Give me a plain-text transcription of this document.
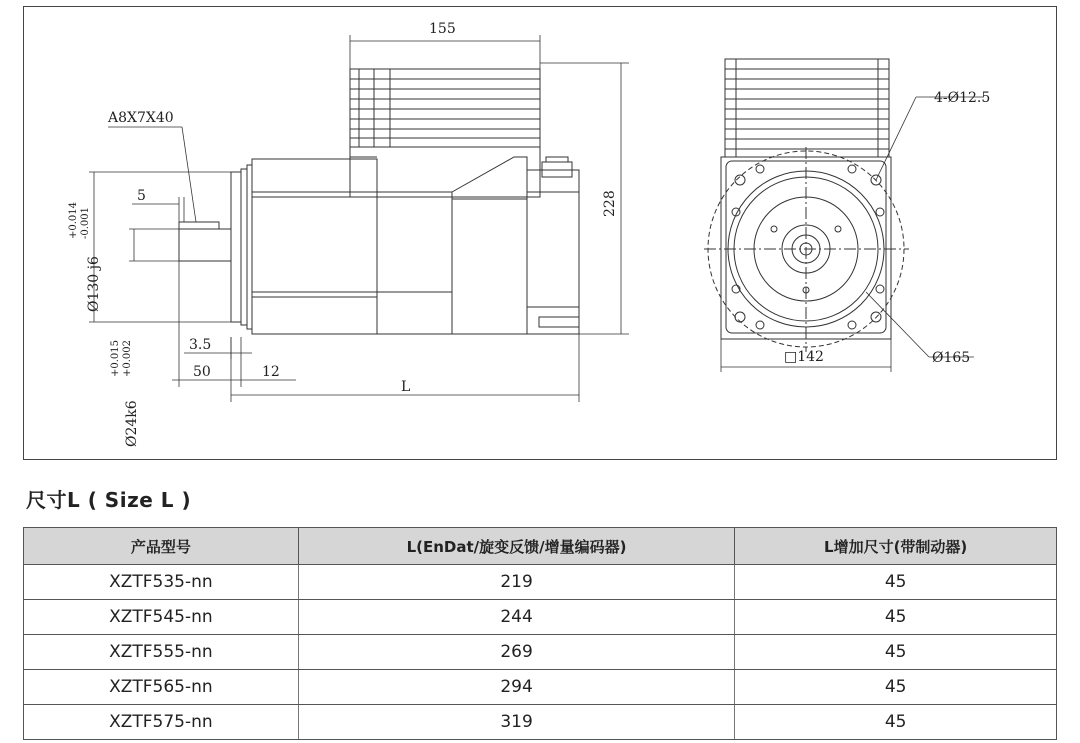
155
A8X7X40
5
+0.014 -0.001
Ø130 j6
228
3.5
+0.015 +0.002	50	12
L
Ø24k6
4-Ø12.5
□142	Ø165
尺寸L ( Size L )
产品型号	L(EnDat/旋变反馈/增量编码器)	L增加尺寸(带制动器)
XZTF535-nn	219	45
XZTF545-nn	244	45
XZTF555-nn	269	45
XZTF565-nn	294	45
XZTF575-nn	319	45
